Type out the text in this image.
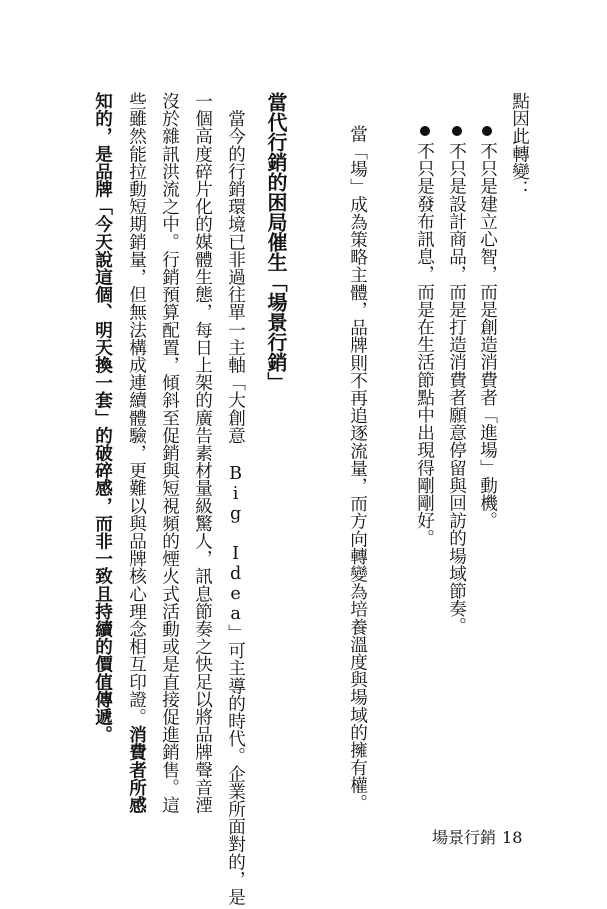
點因此轉變：
不只是建立心智，而是創造消費者「進場」動機。
不只是設計商品，而是打造消費者願意停留與回訪的場域節奏。
不只是發布訊息，而是在生活節點中出現得剛剛好。
當「場」成為策略主體，品牌則不再追逐流量，而方向轉變為培養溫度與場域的擁有權。
當代行銷的困局催生「場景行銷」
　當今的行銷環境已非過往單一主軸「大創意 Big Idea」可主導的時代。企業所面對的，是
一個高度碎片化的媒體生態，每日上架的廣告素材量級驚人，訊息節奏之快足以將品牌聲音湮
沒於雜訊洪流之中。行銷預算配置，傾斜至促銷與短視頻的煙火式活動或是直接促進銷售。這
些雖然能拉動短期銷量，但無法構成連續體驗，更難以與品牌核心理念相互印證。消費者所感
知的，是品牌「今天說這個、明天換一套」的破碎感，而非一致且持續的價值傳遞。
場景行銷 18
